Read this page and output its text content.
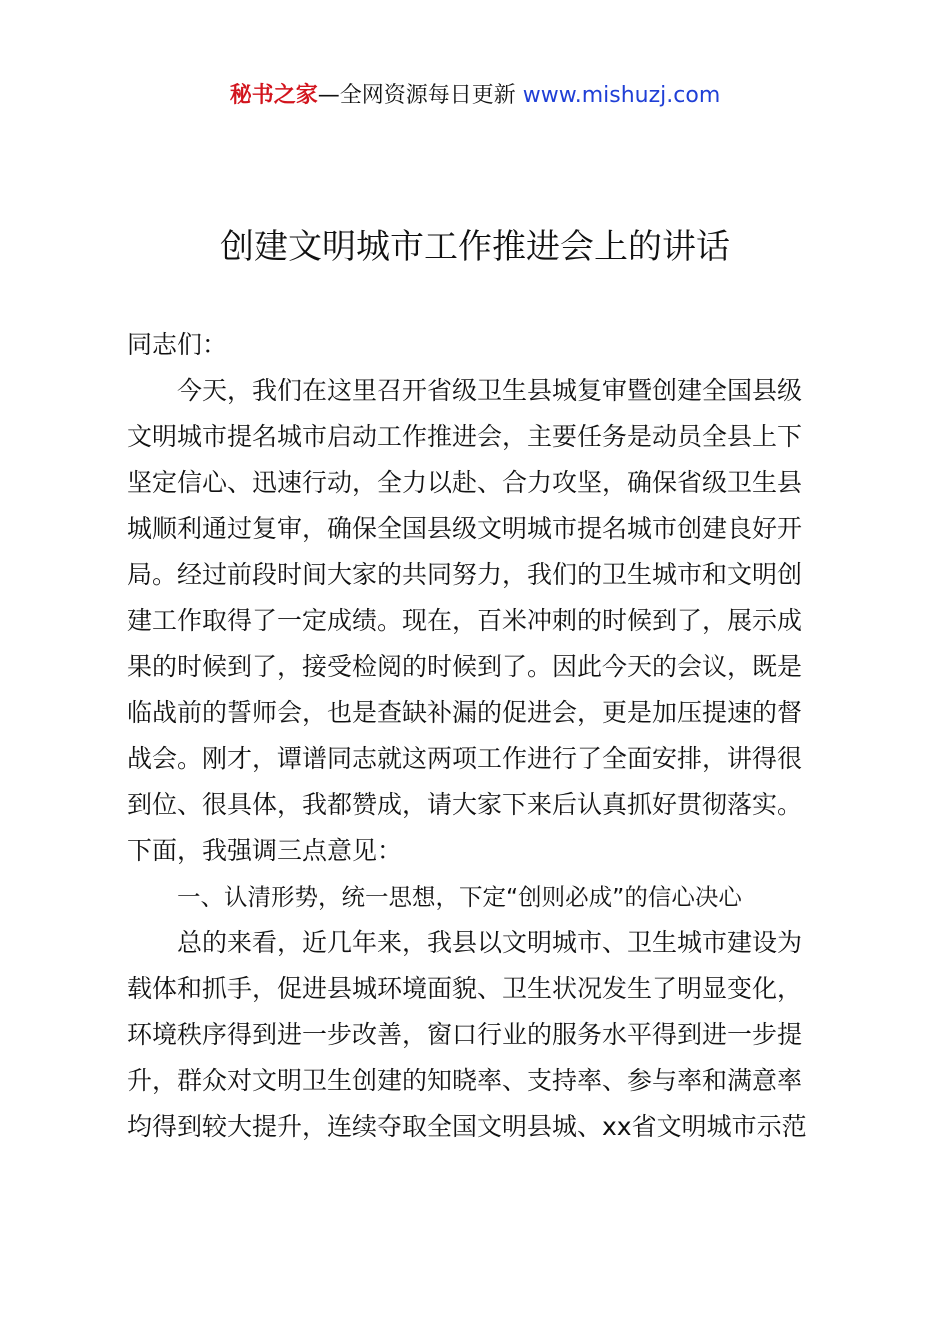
秘书之家—全网资源每日更新 www.mishuzj.com
创建文明城市工作推进会上的讲话
同志们：
今天，我们在这里召开省级卫生县城复审暨创建全国县级
文明城市提名城市启动工作推进会，主要任务是动员全县上下
坚定信心、迅速行动，全力以赴、合力攻坚，确保省级卫生县
城顺利通过复审，确保全国县级文明城市提名城市创建良好开
局。经过前段时间大家的共同努力，我们的卫生城市和文明创
建工作取得了一定成绩。现在，百米冲刺的时候到了，展示成
果的时候到了，接受检阅的时候到了。因此今天的会议，既是
临战前的誓师会，也是查缺补漏的促进会，更是加压提速的督
战会。刚才，谭谱同志就这两项工作进行了全面安排，讲得很
到位、很具体，我都赞成，请大家下来后认真抓好贯彻落实。
下面，我强调三点意见：
一、认清形势，统一思想，下定“创则必成”的信心决心
总的来看，近几年来，我县以文明城市、卫生城市建设为
载体和抓手，促进县城环境面貌、卫生状况发生了明显变化，
环境秩序得到进一步改善，窗口行业的服务水平得到进一步提
升，群众对文明卫生创建的知晓率、支持率、参与率和满意率
均得到较大提升，连续夺取全国文明县城、xx省文明城市示范
